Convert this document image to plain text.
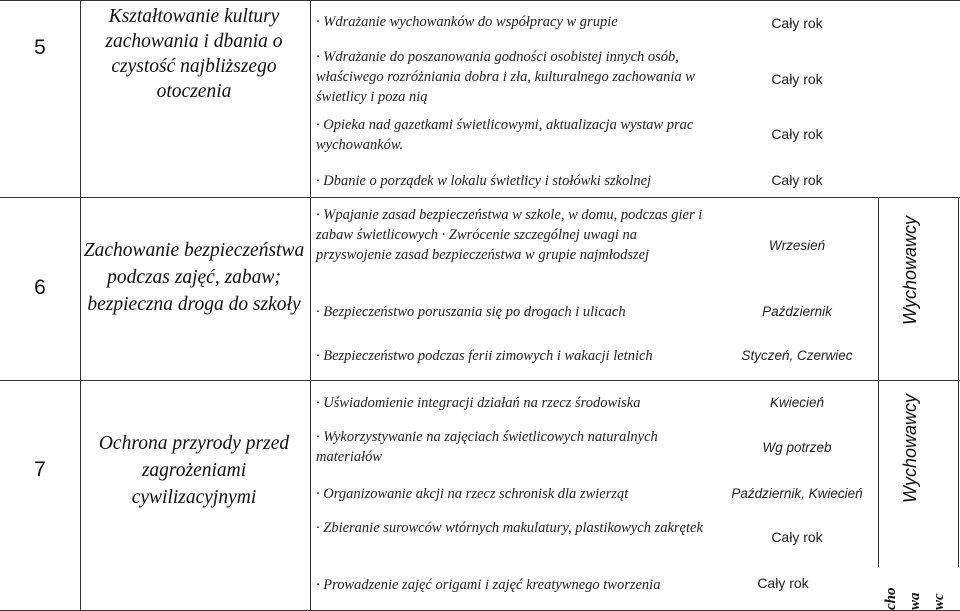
5
Kształtowanie kultury zachowania i dbania o czystość najbliższego otoczenia
· Wdrażanie wychowanków do współpracy w grupie
· Wdrażanie do poszanowania godności osobistej innych osób, właściwego rozróżniania dobra i zła, kulturalnego zachowania w świetlicy i poza nią
· Opieka nad gazetkami świetlicowymi, aktualizacja wystaw prac wychowanków.
· Dbanie o porządek w lokalu świetlicy i stołówki szkolnej
Cały rok
Cały rok
Cały rok
Cały rok
6
Zachowanie bezpieczeństwa podczas zajęć, zabaw; bezpieczna droga do szkoły
· Wpajanie zasad bezpieczeństwa w szkole, w domu, podczas gier i zabaw świetlicowych · Zwrócenie szczególnej uwagi na przyswojenie zasad bezpieczeństwa w grupie najmłodszej
· Bezpieczeństwo poruszania się po drogach i ulicach
· Bezpieczeństwo podczas ferii zimowych i wakacji letnich
Wrzesień
Październik
Styczeń, Czerwiec
Wychowawcy
7
Ochrona przyrody przed zagrożeniami cywilizacyjnymi
· Uświadomienie integracji działań na rzecz środowiska
· Wykorzystywanie na zajęciach świetlicowych naturalnych materiałów
· Organizowanie akcji na rzecz schronisk dla zwierząt
· Zbieranie surowców wtórnych makulatury, plastikowych zakrętek
· Prowadzenie zajęć origami i zajęć kreatywnego tworzenia
Kwiecień
Wg potrzeb
Październik, Kwiecień
Cały rok
Cały rok
Wychowawcy
cho wa wc
